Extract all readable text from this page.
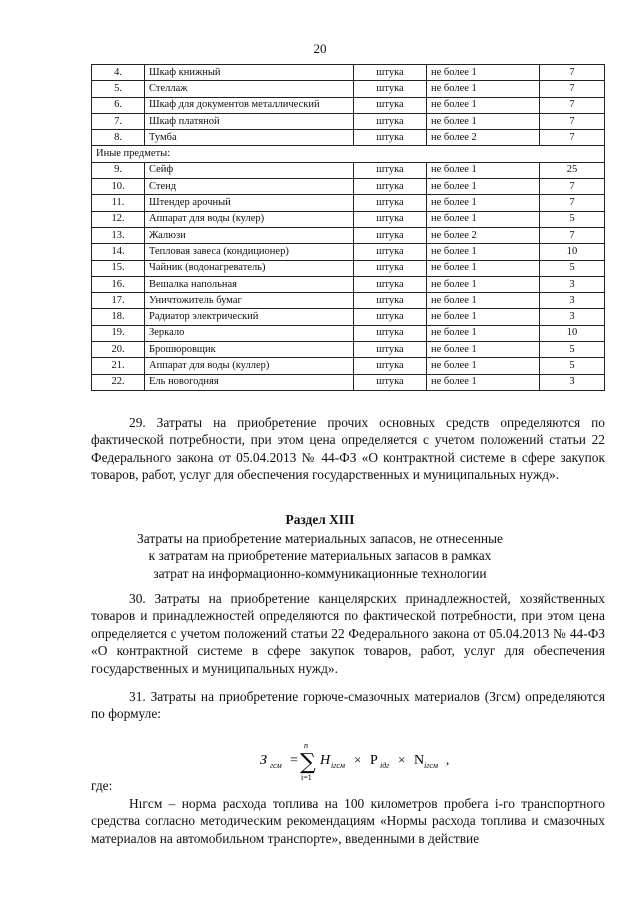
20
4.	Шкаф книжный	штука	не более 1	7
5.	Стеллаж	штука	не более 1	7
6.	Шкаф для документов металлический	штука	не более 1	7
7.	Шкаф платяной	штука	не более 1	7
8.	Тумба	штука	не более 2	7
Иные предметы:				
9.	Сейф	штука	не более 1	25
10.	Стенд	штука	не более 1	7
11.	Штендер арочный	штука	не более 1	7
12.	Аппарат для воды (кулер)	штука	не более 1	5
13.	Жалюзи	штука	не более 2	7
14.	Тепловая завеса (кондиционер)	штука	не более 1	10
15.	Чайник (водонагреватель)	штука	не более 1	5
16.	Вешалка напольная	штука	не более 1	3
17.	Уничтожитель бумаг	штука	не более 1	3
18.	Радиатор электрический	штука	не более 1	3
19.	Зеркало	штука	не более 1	10
20.	Брошюровщик	штука	не более 1	5
21.	Аппарат для воды (куллер)	штука	не более 1	5
22.	Ель новогодняя	штука	не более 1	3

29. Затраты на приобретение прочих основных средств определяются по фактической потребности, при этом цена определяется с учетом положений статьи 22 Федерального закона от 05.04.2013 № 44-ФЗ «О контрактной системе в сфере закупок товаров, работ, услуг для обеспечения государственных и муниципальных нужд».

Раздел XIII

Затраты на приобретение материальных запасов, не отнесенные
к затратам на приобретение материальных запасов в рамках
затрат на информационно-коммуникационные технологии

30. Затраты на приобретение канцелярских принадлежностей, хозяйственных товаров и принадлежностей определяются по фактической потребности, при этом цена определяется с учетом положений статьи 22 Федерального закона от 05.04.2013 № 44-ФЗ «О контрактной системе в сфере закупок товаров, работ, услуг для обеспечения государственных и муниципальных нужд».

31. Затраты на приобретение горюче-смазочных материалов (Згсм) определяются по формуле:

З гсм =
n
∑
i=1
Н iгсм × Р iдг × N iгсм ,

где:

Нıгсм – норма расхода топлива на 100 километров пробега i-го транспортного средства согласно методическим рекомендациям «Нормы расхода топлива и смазочных материалов на автомобильном транспорте», введенными в действие
